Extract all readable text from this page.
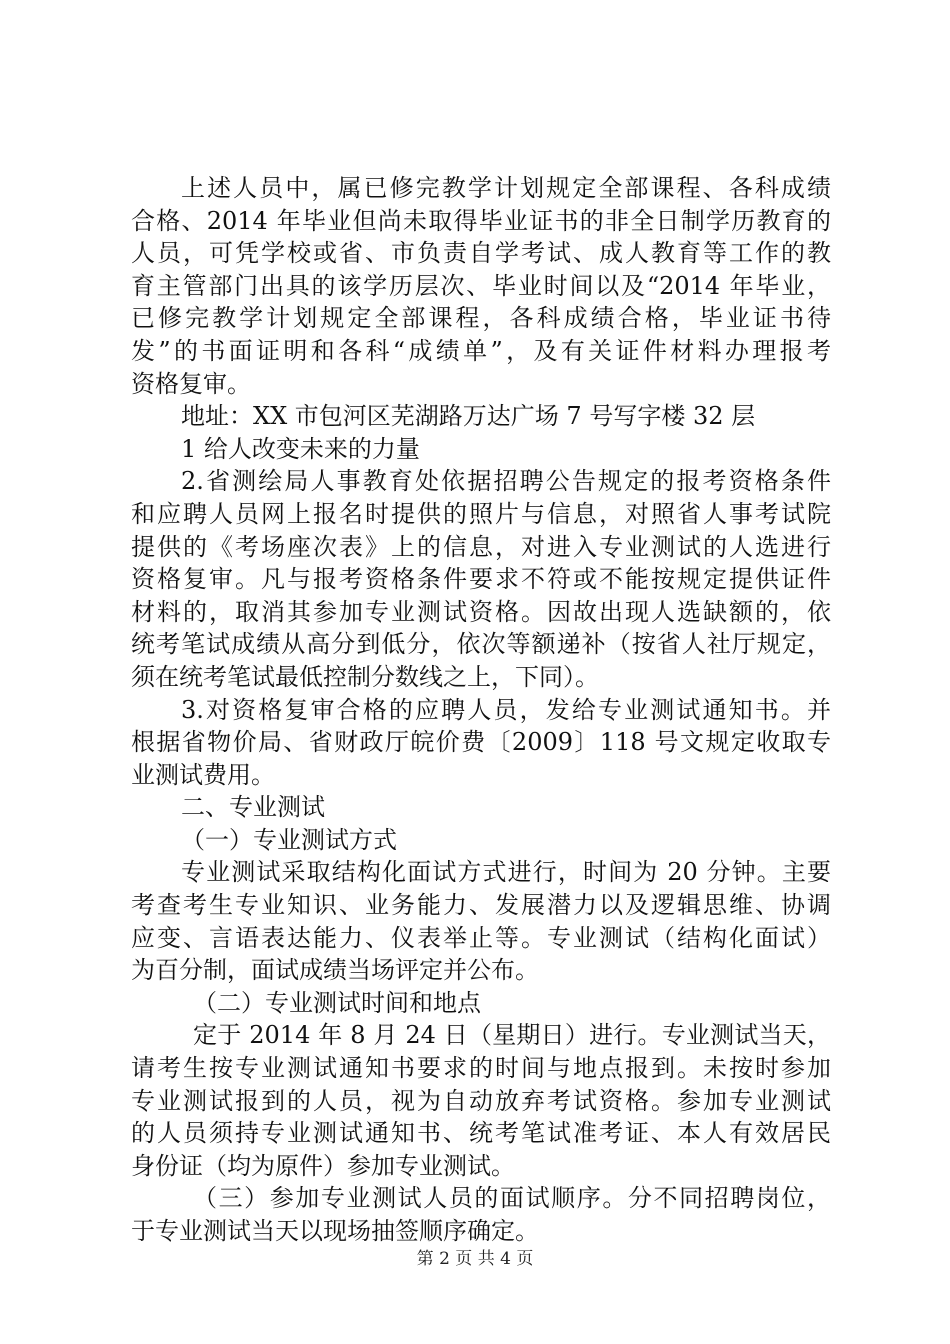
上述人员中，属已修完教学计划规定全部课程、各科成绩
合格、2014 年毕业但尚未取得毕业证书的非全日制学历教育的
人员，可凭学校或省、市负责自学考试、成人教育等工作的教
育主管部门出具的该学历层次、毕业时间以及“2014 年毕业，
已修完教学计划规定全部课程，各科成绩合格，毕业证书待
发”的书面证明和各科“成绩单”，及有关证件材料办理报考
资格复审。
地址：XX 市包河区芜湖路万达广场 7 号写字楼 32 层
1 给人改变未来的力量
2.省测绘局人事教育处依据招聘公告规定的报考资格条件
和应聘人员网上报名时提供的照片与信息，对照省人事考试院
提供的《考场座次表》上的信息，对进入专业测试的人选进行
资格复审。凡与报考资格条件要求不符或不能按规定提供证件
材料的，取消其参加专业测试资格。因故出现人选缺额的，依
统考笔试成绩从高分到低分，依次等额递补（按省人社厅规定，
须在统考笔试最低控制分数线之上，下同）。
3.对资格复审合格的应聘人员，发给专业测试通知书。并
根据省物价局、省财政厅皖价费〔2009〕118 号文规定收取专
业测试费用。
二、专业测试
（一）专业测试方式
专业测试采取结构化面试方式进行，时间为 20 分钟。主要
考查考生专业知识、业务能力、发展潜力以及逻辑思维、协调
应变、言语表达能力、仪表举止等。专业测试（结构化面试）
为百分制，面试成绩当场评定并公布。
（二）专业测试时间和地点
定于 2014 年 8 月 24 日（星期日）进行。专业测试当天，
请考生按专业测试通知书要求的时间与地点报到。未按时参加
专业测试报到的人员，视为自动放弃考试资格。参加专业测试
的人员须持专业测试通知书、统考笔试准考证、本人有效居民
身份证（均为原件）参加专业测试。
（三）参加专业测试人员的面试顺序。分不同招聘岗位，
于专业测试当天以现场抽签顺序确定。
第 2 页 共 4 页
